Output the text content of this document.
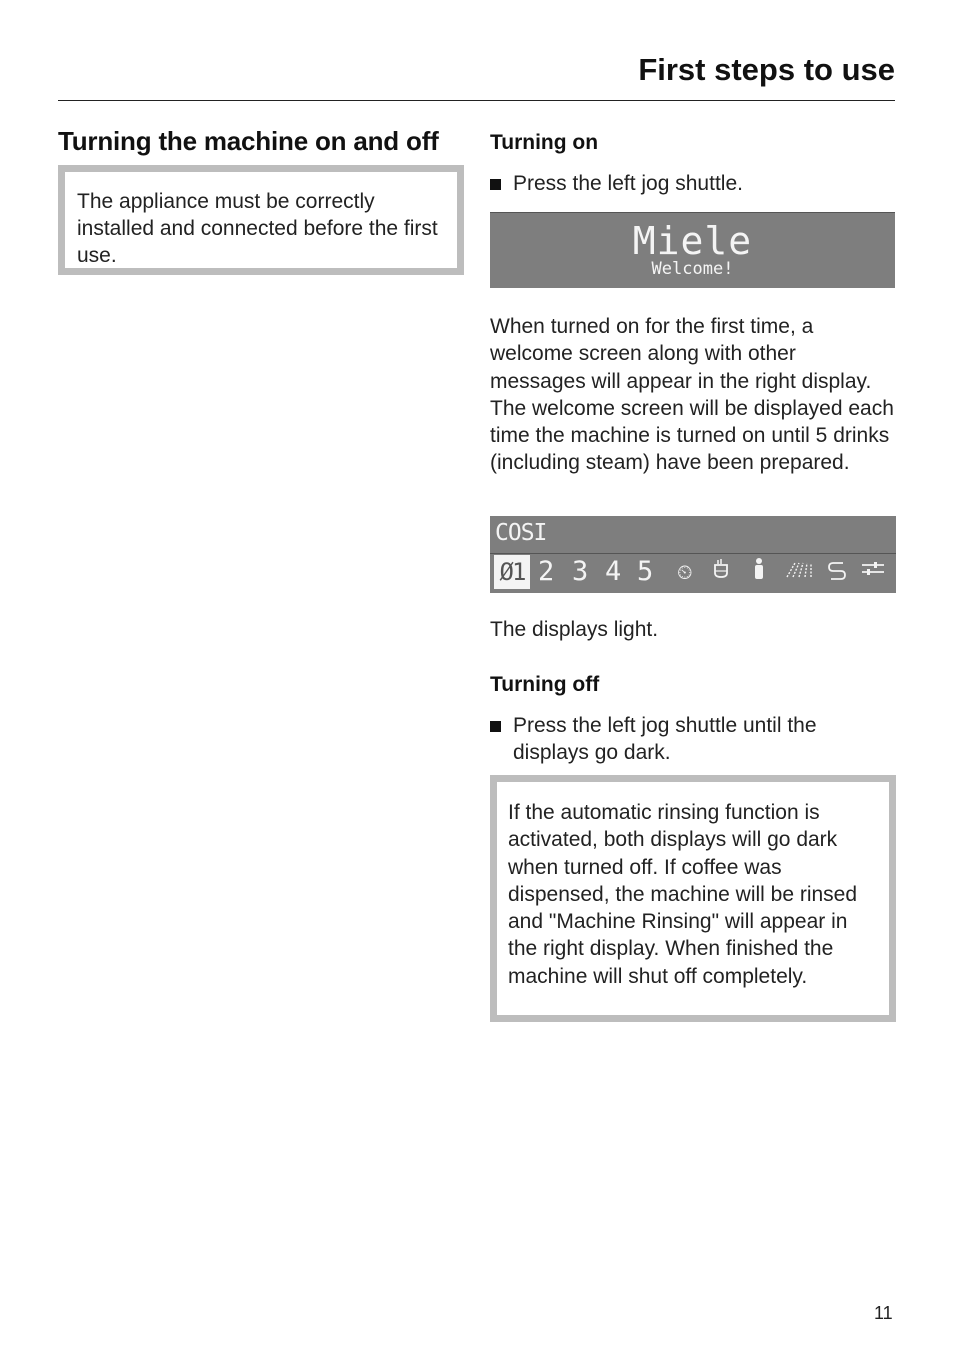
First steps to use
Turning the machine on and off
The appliance must be correctly installed and connected before the first use.
Turning on
Press the left jog shuttle.
Miele
Welcome!
When turned on for the first time, a welcome screen along with other messages will appear in the right display. The welcome screen will be displayed each time the machine is turned on until 5 drinks (including steam) have been prepared.
COSI
Ø1 2 3 4 5 ⏲
The displays light.
Turning off
Press the left jog shuttle until the displays go dark.
If the automatic rinsing function is activated, both displays will go dark when turned off. If coffee was dispensed, the machine will be rinsed and "Machine Rinsing" will appear in the right display. When finished the machine will shut off completely.
11
